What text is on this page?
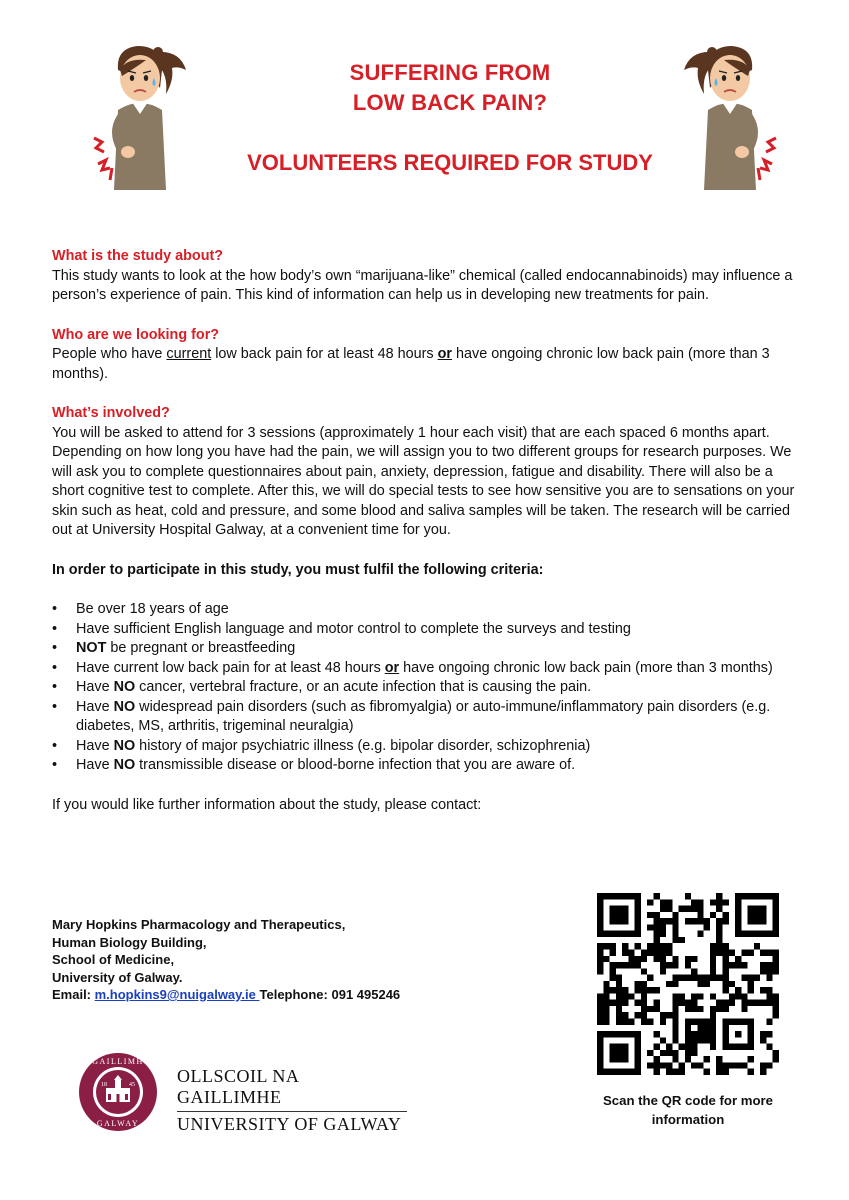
SUFFERING FROM
LOW BACK PAIN?
VOLUNTEERS REQUIRED FOR STUDY
What is the study about?

This study wants to look at the how body’s own “marijuana-like” chemical (called endocannabinoids) may influence a person’s experience of pain. This kind of information can help us in developing new treatments for pain.

Who are we looking for?

People who have current low back pain for at least 48 hours or have ongoing chronic low back pain (more than 3 months).

What’s involved?

You will be asked to attend for 3 sessions (approximately 1 hour each visit) that are each spaced 6 months apart. Depending on how long you have had the pain, we will assign you to two different groups for research purposes. We will ask you to complete questionnaires about pain, anxiety, depression, fatigue and disability. There will also be a short cognitive test to complete. After this, we will do special tests to see how sensitive you are to sensations on your skin such as heat, cold and pressure, and some blood and saliva samples will be taken. The research will be carried out at University Hospital Galway, at a convenient time for you.

In order to participate in this study, you must fulfil the following criteria:

• Be over 18 years of age
• Have sufficient English language and motor control to complete the surveys and testing
• NOT be pregnant or breastfeeding
• Have current low back pain for at least 48 hours or have ongoing chronic low back pain (more than 3 months)
• Have NO cancer, vertebral fracture, or an acute infection that is causing the pain.
• Have NO widespread pain disorders (such as fibromyalgia) or auto-immune/inflammatory pain disorders (e.g. diabetes, MS, arthritis, trigeminal neuralgia)
• Have NO history of major psychiatric illness (e.g. bipolar disorder, schizophrenia)
• Have NO transmissible disease or blood-borne infection that you are aware of.

If you would like further information about the study, please contact:

Mary Hopkins Pharmacology and Therapeutics,
Human Biology Building,
School of Medicine,
University of Galway.
Email: m.hopkins9@nuigalway.ie Telephone: 091 495246
Scan the QR code for more
information
GAILLIMH
GALWAY
18	45 OLLSCOIL NA GAILLIMHE
UNIVERSITY OF GALWAY
